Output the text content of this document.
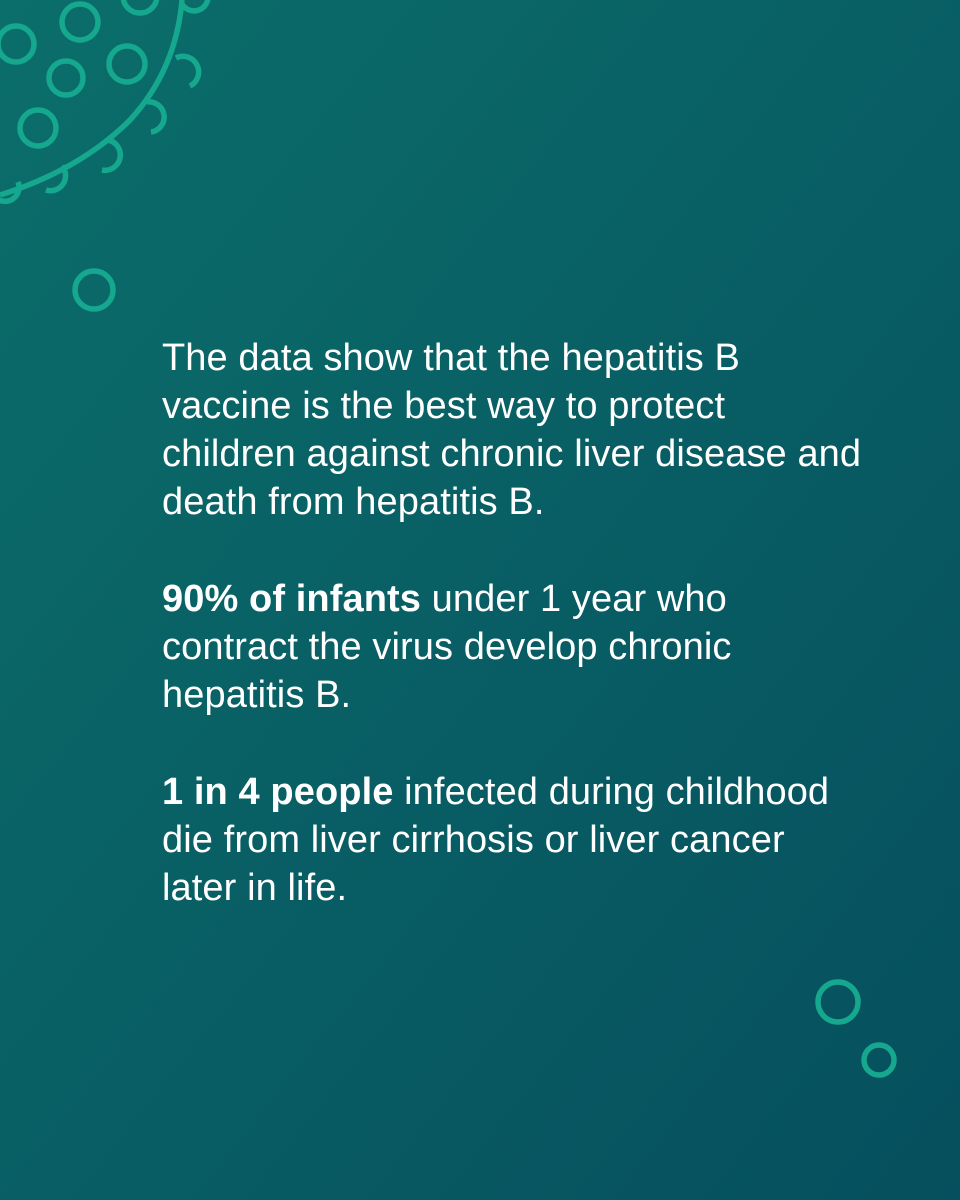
The data show that the hepatitis B vaccine is the best way to protect children against chronic liver disease and death from hepatitis B.

90% of infants under 1 year who contract the virus develop chronic hepatitis B.

1 in 4 people infected during childhood die from liver cirrhosis or liver cancer later in life.
